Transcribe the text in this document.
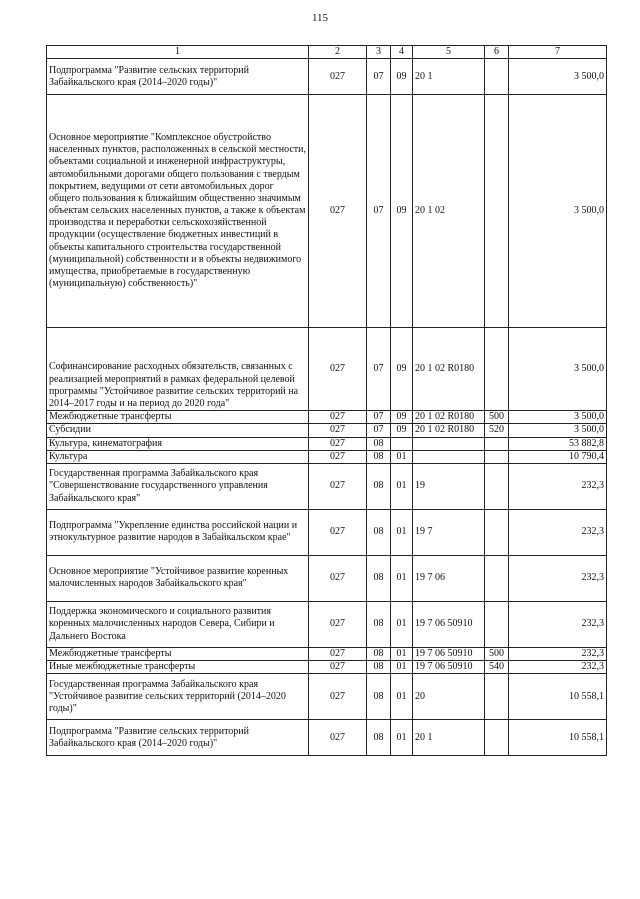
115
1	2	3	4	5	6	7
Подпрограмма "Развитие сельских территорий Забайкальского края (2014–2020 годы)"	027	07	09	20 1		3 500,0
Основное мероприятие "Комплексное обустройство населенных пунктов, расположенных в сельской местности, объектами социальной и инженерной инфраструктуры, автомобильными дорогами общего пользования с твердым покрытием, ведущими от сети автомобильных дорог общего пользования к ближайшим общественно значимым объектам сельских населенных пунктов, а также к объектам производства и переработки сельскохозяйственной продукции (осуществление бюджетных инвестиций в объекты капитального строительства государственной (муниципальной) собственности и в объекты недвижимого имущества, приобретаемые в государственную (муниципальную) собственность)"	027	07	09	20 1 02		3 500,0
Софинансирование расходных обязательств, связанных с реализацией мероприятий в рамках федеральной целевой программы "Устойчивое развитие сельских территорий на 2014–2017 годы и на период до 2020 года"	027	07	09	20 1 02 R0180		3 500,0
Межбюджетные трансферты	027	07	09	20 1 02 R0180	500	3 500,0
Субсидии	027	07	09	20 1 02 R0180	520	3 500,0
Культура, кинематография	027	08				53 882,8
Культура	027	08	01			10 790,4
Государственная программа Забайкальского края "Совершенствование государственного управления Забайкальского края"	027	08	01	19		232,3
Подпрограмма "Укрепление единства российской нации и этнокультурное развитие народов в Забайкальском крае"	027	08	01	19 7		232,3
Основное мероприятие "Устойчивое развитие коренных малочисленных народов Забайкальского края"	027	08	01	19 7 06		232,3
Поддержка экономического и социального развития коренных малочисленных народов Севера, Сибири и Дальнего Востока	027	08	01	19 7 06 50910		232,3
Межбюджетные трансферты	027	08	01	19 7 06 50910	500	232,3
Иные межбюджетные трансферты	027	08	01	19 7 06 50910	540	232,3
Государственная программа Забайкальского края "Устойчивое развитие сельских территорий (2014–2020 годы)"	027	08	01	20		10 558,1
Подпрограмма "Развитие сельских территорий Забайкальского края (2014–2020 годы)"	027	08	01	20 1		10 558,1
